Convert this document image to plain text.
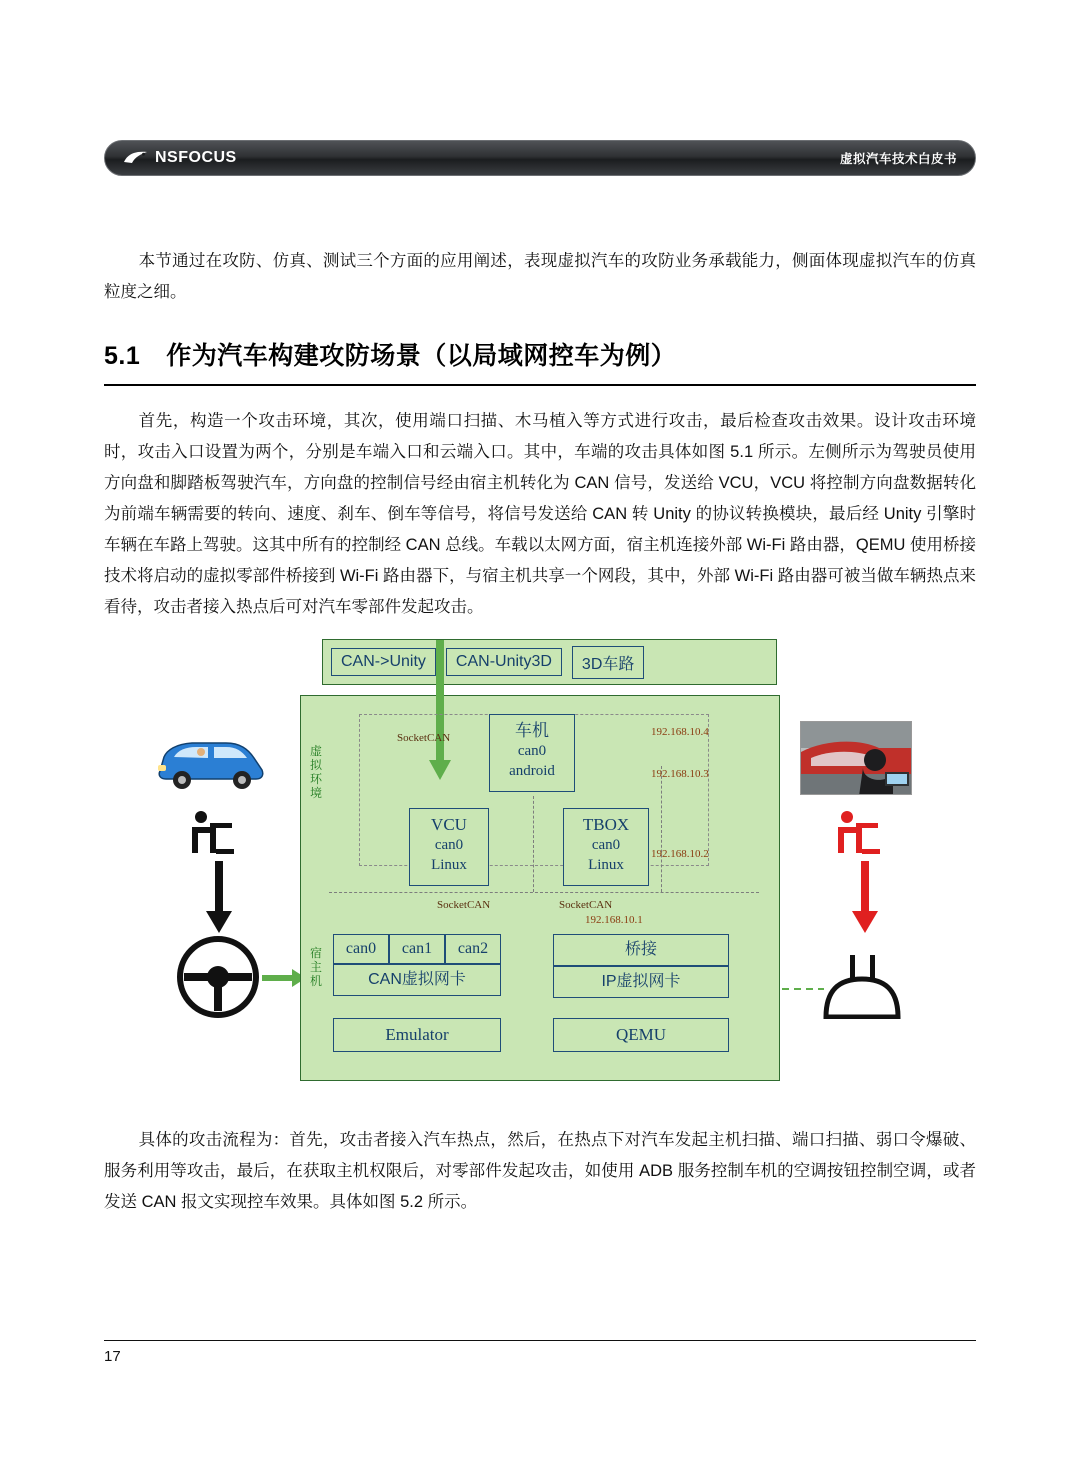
NSFOCUS	虚拟汽车技术白皮书

本节通过在攻防、仿真、测试三个方面的应用阐述，表现虚拟汽车的攻防业务承载能力，侧面体现虚拟汽车的仿真粒度之细。

5.1 作为汽车构建攻防场景（以局域网控车为例）

首先，构造一个攻击环境，其次，使用端口扫描、木马植入等方式进行攻击，最后检查攻击效果。设计攻击环境时，攻击入口设置为两个，分别是车端入口和云端入口。其中，车端的攻击具体如图 5.1 所示。左侧所示为驾驶员使用方向盘和脚踏板驾驶汽车，方向盘的控制信号经由宿主机转化为 CAN 信号，发送给 VCU，VCU 将控制方向盘数据转化为前端车辆需要的转向、速度、刹车、倒车等信号，将信号发送给 CAN 转 Unity 的协议转换模块，最后经 Unity 引擎时车辆在车路上驾驶。这其中所有的控制经 CAN 总线。车载以太网方面，宿主机连接外部 Wi-Fi 路由器，QEMU 使用桥接技术将启动的虚拟零部件桥接到 Wi-Fi 路由器下，与宿主机共享一个网段，其中，外部 Wi-Fi 路由器可被当做车辆热点来看待，攻击者接入热点后可对汽车零部件发起攻击。

CAN->Unity	CAN-Unity3D	3D车路
虚
拟
环
境
宿
主
机
车机
can0
android
VCU
can0
Linux
TBOX
can0
Linux
SocketCAN
SocketCAN	SocketCAN
192.168.10.4
192.168.10.3
192.168.10.2
192.168.10.1
can0	can1	can2
CAN虚拟网卡
桥接
IP虚拟网卡
Emulator	QEMU

具体的攻击流程为：首先，攻击者接入汽车热点，然后，在热点下对汽车发起主机扫描、端口扫描、弱口令爆破、服务利用等攻击，最后，在获取主机权限后，对零部件发起攻击，如使用 ADB 服务控制车机的空调按钮控制空调，或者发送 CAN 报文实现控车效果。具体如图 5.2 所示。

17
